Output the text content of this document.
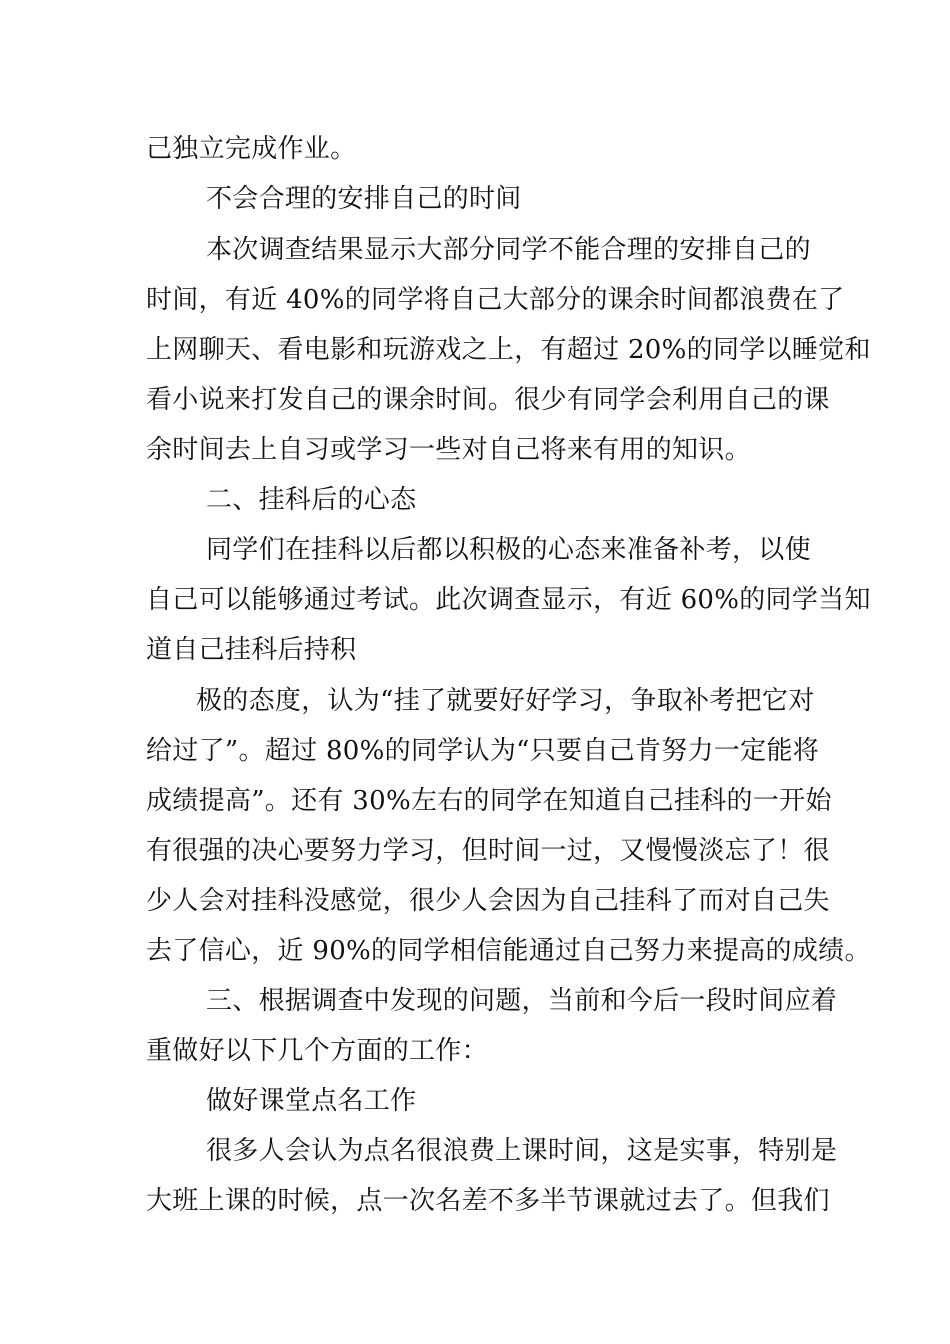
己独立完成作业。
不会合理的安排自己的时间
本次调查结果显示大部分同学不能合理的安排自己的
时间，有近 40%的同学将自己大部分的课余时间都浪费在了
上网聊天、看电影和玩游戏之上，有超过 20%的同学以睡觉和
看小说来打发自己的课余时间。很少有同学会利用自己的课
余时间去上自习或学习一些对自己将来有用的知识。
二、挂科后的心态
同学们在挂科以后都以积极的心态来准备补考，以使
自己可以能够通过考试。此次调查显示，有近 60%的同学当知
道自己挂科后持积
极的态度，认为“挂了就要好好学习，争取补考把它对
给过了”。超过 80%的同学认为“只要自己肯努力一定能将
成绩提高”。还有 30%左右的同学在知道自己挂科的一开始
有很强的决心要努力学习，但时间一过，又慢慢淡忘了！很
少人会对挂科没感觉，很少人会因为自己挂科了而对自己失
去了信心，近 90%的同学相信能通过自己努力来提高的成绩。
三、根据调查中发现的问题，当前和今后一段时间应着
重做好以下几个方面的工作：
做好课堂点名工作
很多人会认为点名很浪费上课时间，这是实事，特别是
大班上课的时候，点一次名差不多半节课就过去了。但我们
